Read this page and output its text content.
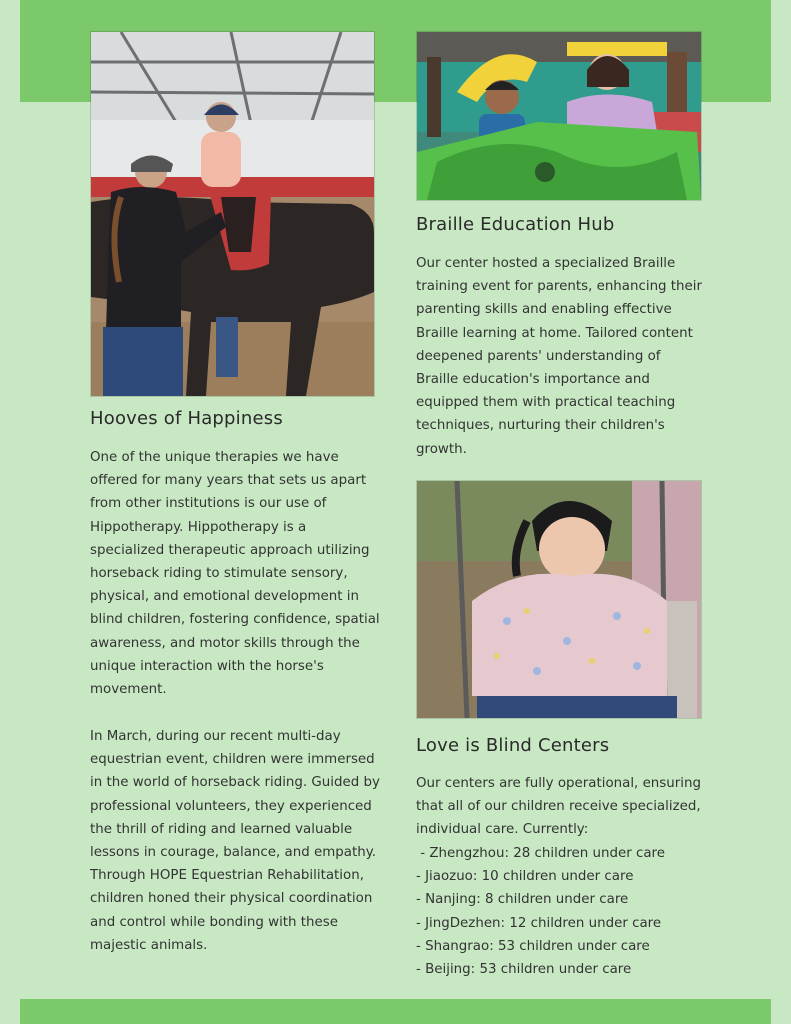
Hooves of Happiness

One of the unique therapies we have offered for many years that sets us apart from other institutions is our use of Hippotherapy. Hippotherapy is a specialized therapeutic approach utilizing horseback riding to stimulate sensory, physical, and emotional development in blind children, fostering confidence, spatial awareness, and motor skills through the unique interaction with the horse's movement.

In March, during our recent multi-day equestrian event, children were immersed in the world of horseback riding. Guided by professional volunteers, they experienced the thrill of riding and learned valuable lessons in courage, balance, and empathy. Through HOPE Equestrian Rehabilitation, children honed their physical coordination and control while bonding with these majestic animals.

Braille Education Hub

Our center hosted a specialized Braille training event for parents, enhancing their parenting skills and enabling effective Braille learning at home. Tailored content deepened parents' understanding of Braille education's importance and equipped them with practical teaching techniques, nurturing their children's growth.

Love is Blind Centers
Our centers are fully operational, ensuring that all of our children receive specialized, individual care. Currently:
- Zhengzhou: 28 children under care
- Jiaozuo: 10 children under care
- Nanjing: 8 children under care
- JingDezhen: 12 children under care
- Shangrao: 53 children under care
- Beijing: 53 children under care
